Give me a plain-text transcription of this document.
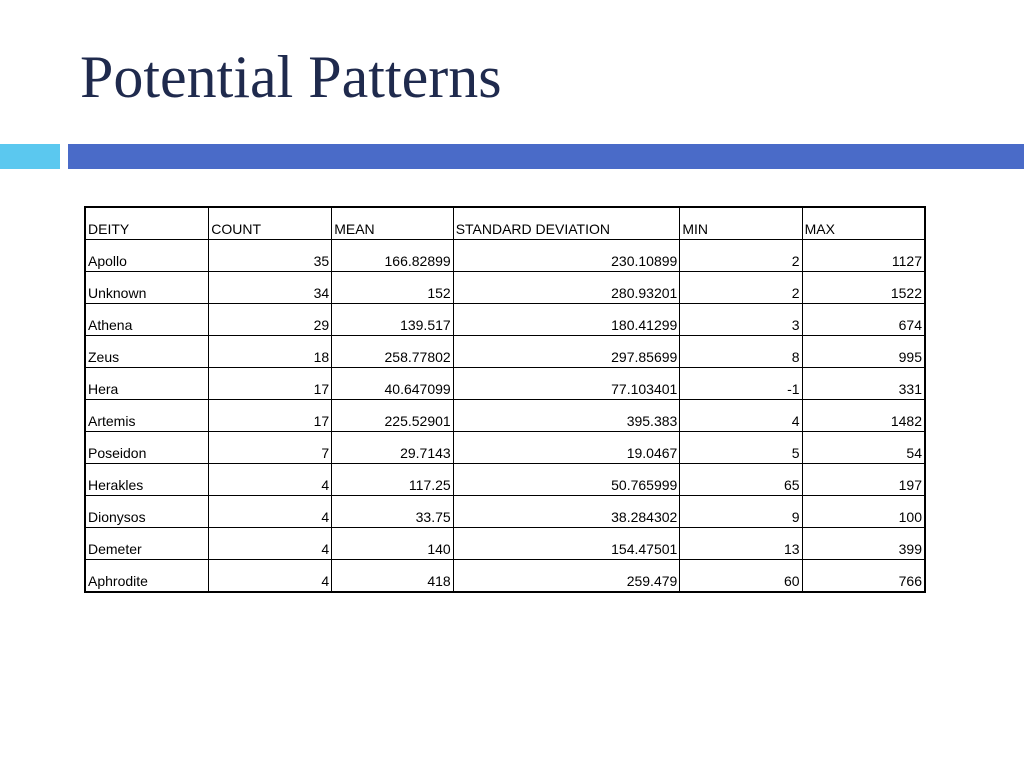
Potential Patterns
DEITY	COUNT	MEAN	STANDARD DEVIATION	MIN	MAX
Apollo	35	166.82899	230.10899	2	1127
Unknown	34	152	280.93201	2	1522
Athena	29	139.517	180.41299	3	674
Zeus	18	258.77802	297.85699	8	995
Hera	17	40.647099	77.103401	-1	331
Artemis	17	225.52901	395.383	4	1482
Poseidon	7	29.7143	19.0467	5	54
Herakles	4	117.25	50.765999	65	197
Dionysos	4	33.75	38.284302	9	100
Demeter	4	140	154.47501	13	399
Aphrodite	4	418	259.479	60	766
